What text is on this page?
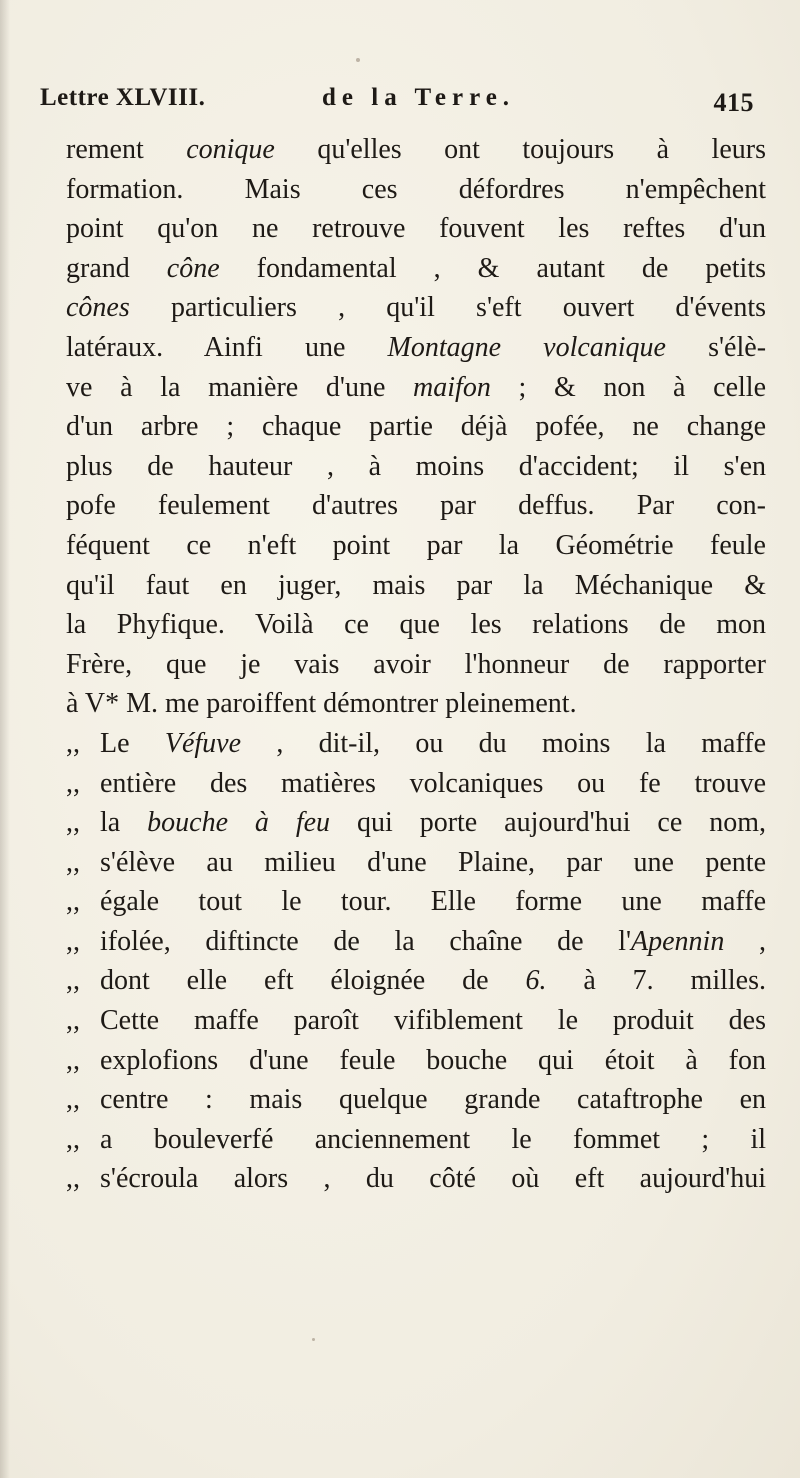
Lettre XLVIII.	de la Terre.	415
rement conique qu'elles ont toujours à leurs
formation. Mais ces défordres n'empêchent
point qu'on ne retrouve fouvent les reftes d'un
grand cône fondamental , & autant de petits
cônes particuliers , qu'il s'eft ouvert d'évents
latéraux. Ainfi une Montagne volcanique s'élè-
ve à la manière d'une maifon ; & non à celle
d'un arbre ; chaque partie déjà pofée, ne change
plus de hauteur , à moins d'accident; il s'en
pofe feulement d'autres par deffus. Par con-
féquent ce n'eft point par la Géométrie feule
qu'il faut en juger, mais par la Méchanique &
la Phyfique. Voilà ce que les relations de mon
Frère, que je vais avoir l'honneur de rapporter
à V* M. me paroiffent démontrer pleinement.
,, Le Véfuve , dit-il, ou du moins la maffe
,, entière des matières volcaniques ou fe trouve
,, la bouche à feu qui porte aujourd'hui ce nom,
,, s'élève au milieu d'une Plaine, par une pente
,, égale tout le tour. Elle forme une maffe
,, ifolée, diftincte de la chaîne de l'Apennin ,
,, dont elle eft éloignée de 6. à 7. milles.
,, Cette maffe paroît vifiblement le produit des
,, explofions d'une feule bouche qui étoit à fon
,, centre : mais quelque grande cataftrophe en
,, a bouleverfé anciennement le fommet ; il
,, s'écroula alors , du côté où eft aujourd'hui
